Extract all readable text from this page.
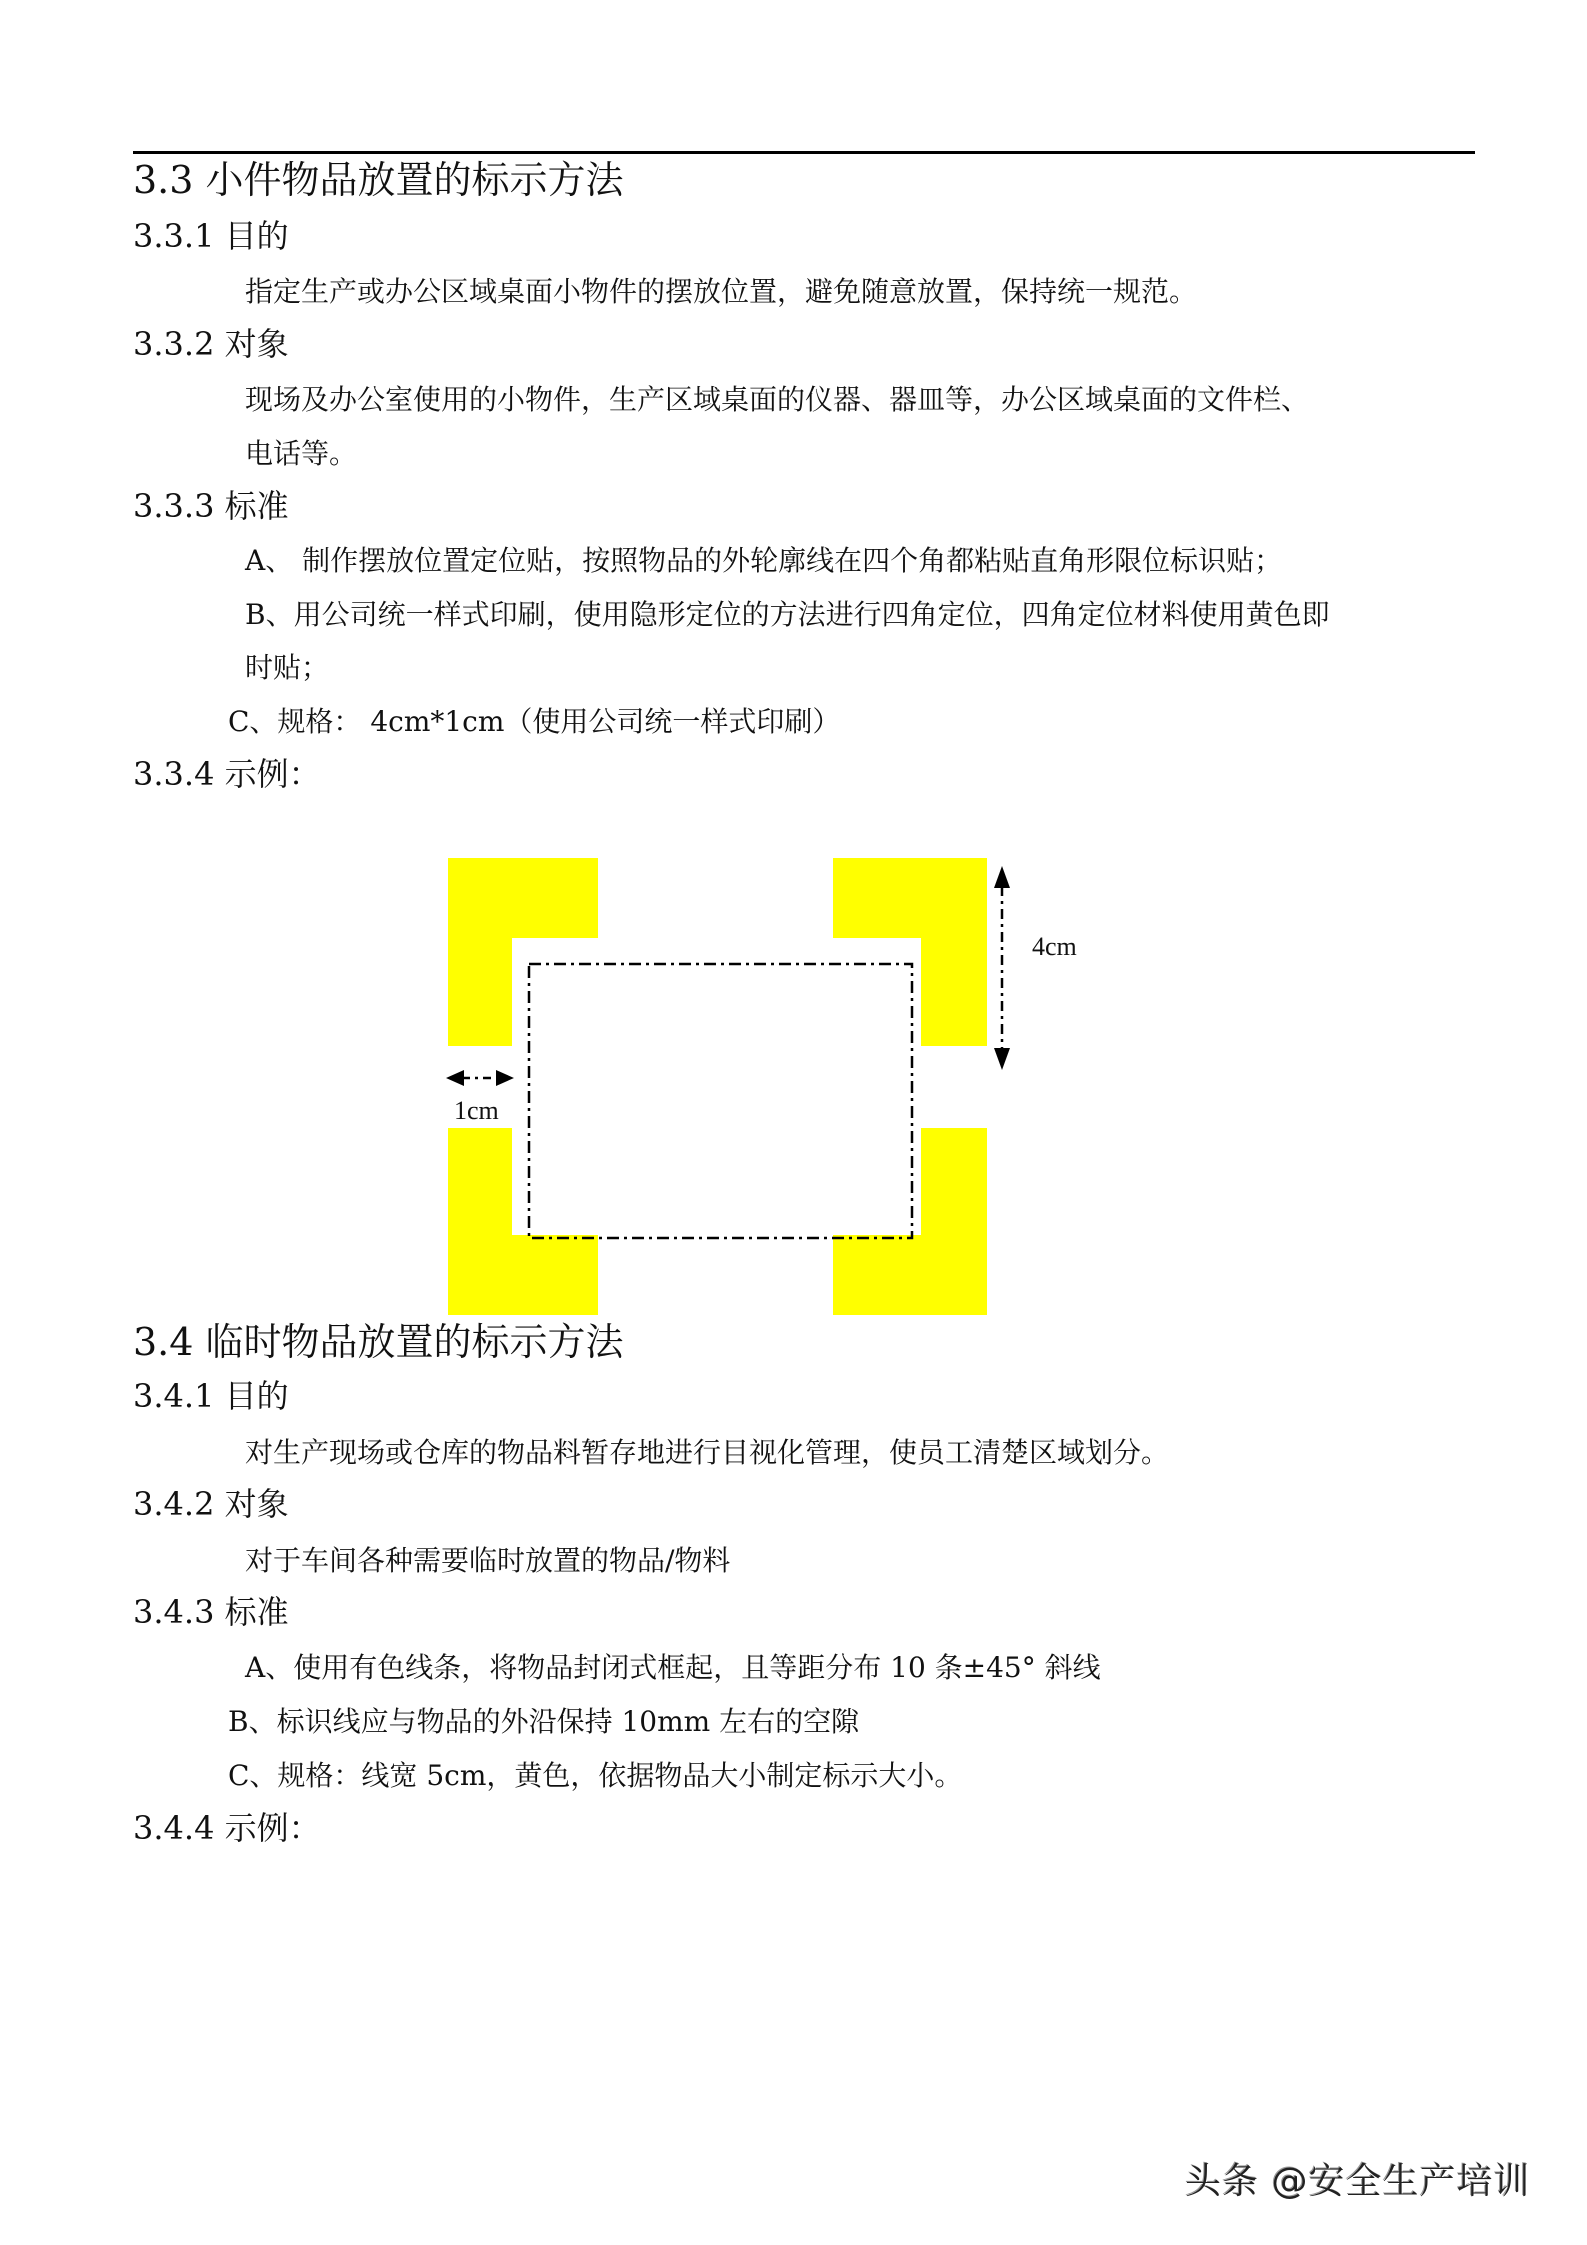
3.3 小件物品放置的标示方法
3.3.1 目的
指定生产或办公区域桌面小物件的摆放位置，避免随意放置，保持统一规范。
3.3.2 对象
现场及办公室使用的小物件，生产区域桌面的仪器、器皿等，办公区域桌面的文件栏、
电话等。
3.3.3 标准
A、 制作摆放位置定位贴，按照物品的外轮廓线在四个角都粘贴直角形限位标识贴；
B、用公司统一样式印刷，使用隐形定位的方法进行四角定位，四角定位材料使用黄色即
时贴；
C、规格： 4cm*1cm（使用公司统一样式印刷）
3.3.4 示例：
4cm
1cm
3.4 临时物品放置的标示方法
3.4.1 目的
对生产现场或仓库的物品料暂存地进行目视化管理，使员工清楚区域划分。
3.4.2 对象
对于车间各种需要临时放置的物品/物料
3.4.3 标准
A、使用有色线条，将物品封闭式框起，且等距分布 10 条±45° 斜线
B、标识线应与物品的外沿保持 10mm 左右的空隙
C、规格：线宽 5cm，黄色，依据物品大小制定标示大小。
3.4.4 示例：
头条 @安全生产培训
